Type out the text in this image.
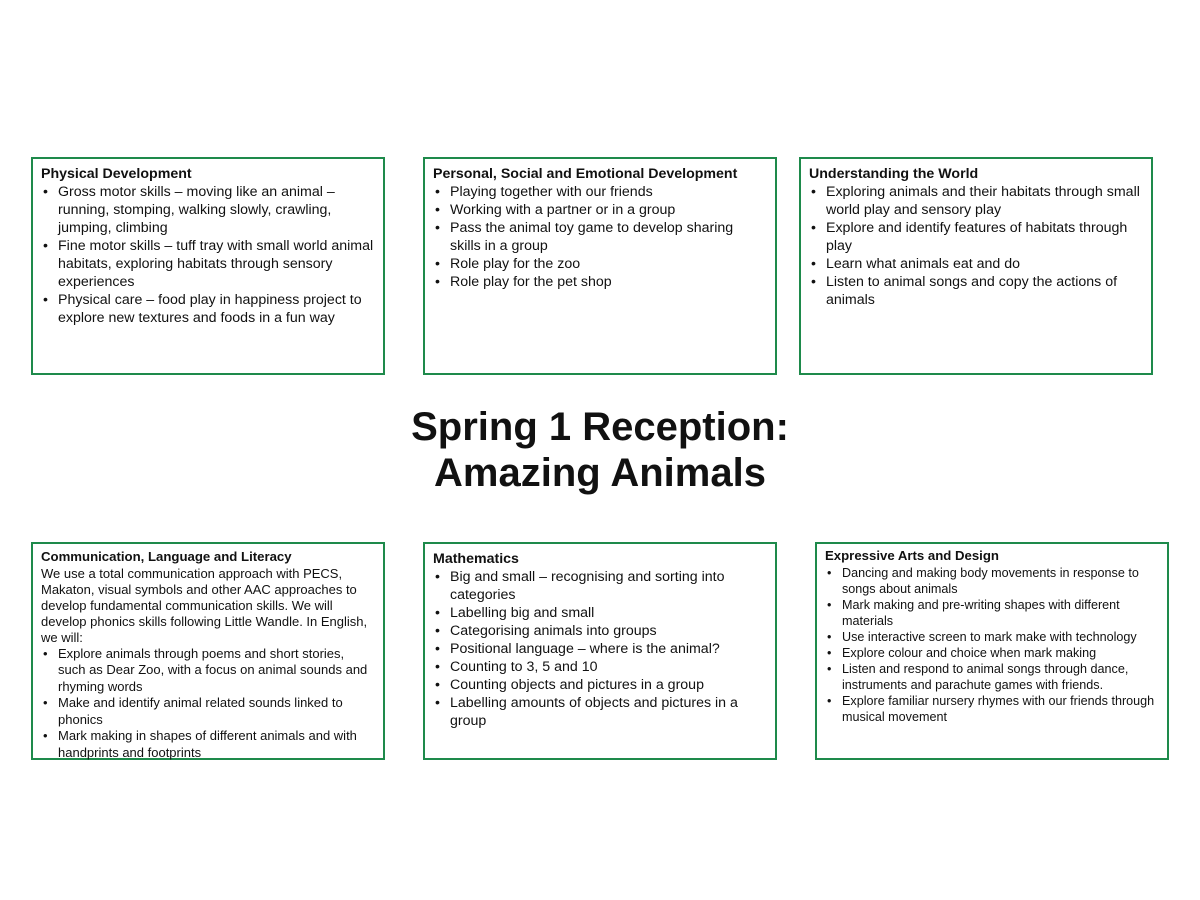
Physical Development
• Gross motor skills – moving like an animal – running, stomping, walking slowly, crawling, jumping, climbing
• Fine motor skills – tuff tray with small world animal habitats, exploring habitats through sensory experiences
• Physical care – food play in happiness project to explore new textures and foods in a fun way
Personal, Social and Emotional Development
• Playing together with our friends
• Working with a partner or in a group
• Pass the animal toy game to develop sharing skills in a group
• Role play for the zoo
• Role play for the pet shop
Understanding the World
• Exploring animals and their habitats through small world play and sensory play
• Explore and identify features of habitats through play
• Learn what animals eat and do
• Listen to animal songs and copy the actions of animals
Spring 1 Reception:
Amazing Animals
Communication, Language and Literacy

We use a total communication approach with PECS, Makaton, visual symbols and other AAC approaches to develop fundamental communication skills. We will develop phonics skills following Little Wandle. In English, we will:

• Explore animals through poems and short stories, such as Dear Zoo, with a focus on animal sounds and rhyming words
• Make and identify animal related sounds linked to phonics
• Mark making in shapes of different animals and with handprints and footprints
Mathematics
• Big and small – recognising and sorting into categories
• Labelling big and small
• Categorising animals into groups
• Positional language – where is the animal?
• Counting to 3, 5 and 10
• Counting objects and pictures in a group
• Labelling amounts of objects and pictures in a group
Expressive Arts and Design
• Dancing and making body movements in response to songs about animals
• Mark making and pre-writing shapes with different materials
• Use interactive screen to mark make with technology
• Explore colour and choice when mark making
• Listen and respond to animal songs through dance, instruments and parachute games with friends.
• Explore familiar nursery rhymes with our friends through musical movement
